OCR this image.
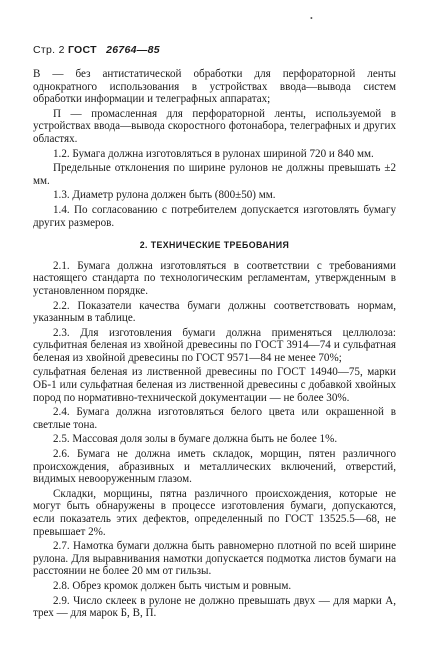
•
Стр. 2 ГОСТ 26764—85

В — без антистатической обработки для перфораторной ленты однократного использования в устройствах ввода—вывода систем обработки информации и телеграфных аппаратах;

П — промасленная для перфораторной ленты, используемой в устройствах ввода—вывода скоростного фотонабора, телеграфных и других областях.

1.2. Бумага должна изготовляться в рулонах шириной 720 и 840 мм.

Предельные отклонения по ширине рулонов не должны превышать ±2 мм.

1.3. Диаметр рулона должен быть (800±50) мм.

1.4. По согласованию с потребителем допускается изготовлять бумагу других размеров.

2. ТЕХНИЧЕСКИЕ ТРЕБОВАНИЯ

2.1. Бумага должна изготовляться в соответствии с требованиями настоящего стандарта по технологическим регламентам, утвержденным в установленном порядке.

2.2. Показатели качества бумаги должны соответствовать нормам, указанным в таблице.

2.3. Для изготовления бумаги должна применяться целлюлоза: сульфитная беленая из хвойной древесины по ГОСТ 3914—74 и сульфатная беленая из хвойной древесины по ГОСТ 9571—84 не менее 70%;

сульфатная беленая из лиственной древесины по ГОСТ 14940—75, марки ОБ-1 или сульфатная беленая из лиственной древесины с добавкой хвойных пород по нормативно-технической документации — не более 30%.

2.4. Бумага должна изготовляться белого цвета или окрашенной в светлые тона.

2.5. Массовая доля золы в бумаге должна быть не более 1%.

2.6. Бумага не должна иметь складок, морщин, пятен различного происхождения, абразивных и металлических включений, отверстий, видимых невооруженным глазом.

Складки, морщины, пятна различного происхождения, которые не могут быть обнаружены в процессе изготовления бумаги, допускаются, если показатель этих дефектов, определенный по ГОСТ 13525.5—68, не превышает 2%.

2.7. Намотка бумаги должна быть равномерно плотной по всей ширине рулона. Для выравнивания намотки допускается подмотка листов бумаги на расстоянии не более 20 мм от гильзы.

2.8. Обрез кромок должен быть чистым и ровным.

2.9. Число склеек в рулоне не должно превышать двух — для марки А, трех — для марок Б, В, П.
